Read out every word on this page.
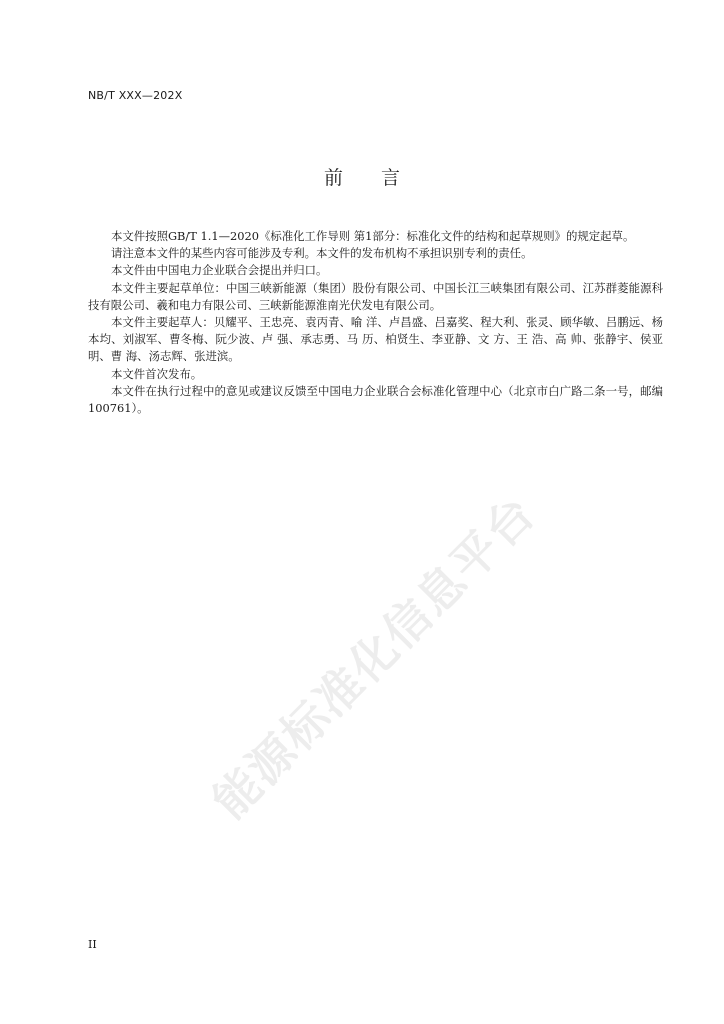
NB/T XXX—202X
前 言

本文件按照GB/T 1.1—2020《标准化工作导则 第1部分：标准化文件的结构和起草规则》的规定起草。

请注意本文件的某些内容可能涉及专利。本文件的发布机构不承担识别专利的责任。

本文件由中国电力企业联合会提出并归口。

本文件主要起草单位：中国三峡新能源（集团）股份有限公司、中国长江三峡集团有限公司、江苏群菱能源科技有限公司、羲和电力有限公司、三峡新能源淮南光伏发电有限公司。

本文件主要起草人：贝耀平、王忠亮、袁丙青、喻 洋、卢昌盛、吕嘉奖、程大利、张灵、顾华敏、吕鹏远、杨本均、刘淑军、曹冬梅、阮少波、卢 强、承志勇、马 历、柏贤生、李亚静、文 方、王 浩、高 帅、张静宇、侯亚明、曹 海、汤志辉、张进滨。

本文件首次发布。

本文件在执行过程中的意见或建议反馈至中国电力企业联合会标准化管理中心（北京市白广路二条一号，邮编 100761）。

能源标准化信息平台
II
